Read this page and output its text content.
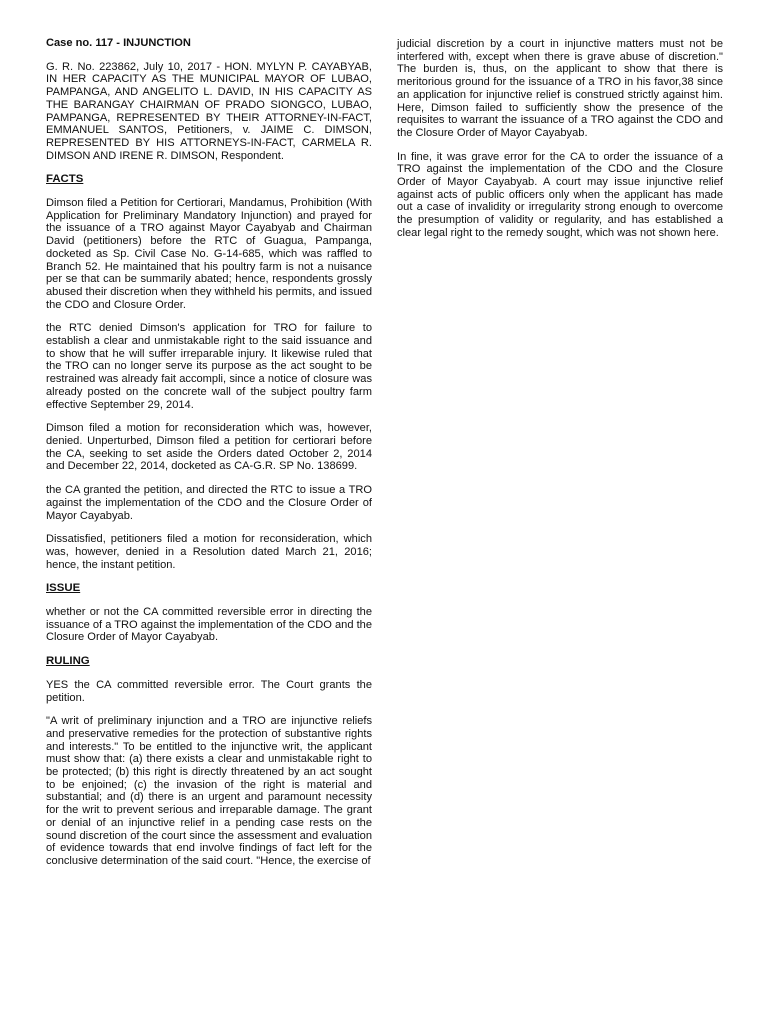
Case no. 117 - INJUNCTION

G. R. No. 223862, July 10, 2017 - HON. MYLYN P. CAYABYAB, IN HER CAPACITY AS THE MUNICIPAL MAYOR OF LUBAO, PAMPANGA, AND ANGELITO L. DAVID, IN HIS CAPACITY AS THE BARANGAY CHAIRMAN OF PRADO SIONGCO, LUBAO, PAMPANGA, REPRESENTED BY THEIR ATTORNEY-IN-FACT, EMMANUEL SANTOS, Petitioners, v. JAIME C. DIMSON, REPRESENTED BY HIS ATTORNEYS-IN-FACT, CARMELA R. DIMSON AND IRENE R. DIMSON, Respondent.

FACTS

Dimson filed a Petition for Certiorari, Mandamus, Prohibition (With Application for Preliminary Mandatory Injunction) and prayed for the issuance of a TRO against Mayor Cayabyab and Chairman David (petitioners) before the RTC of Guagua, Pampanga, docketed as Sp. Civil Case No. G-14-685, which was raffled to Branch 52. He maintained that his poultry farm is not a nuisance per se that can be summarily abated; hence, respondents grossly abused their discretion when they withheld his permits, and issued the CDO and Closure Order.

the RTC denied Dimson's application for TRO for failure to establish a clear and unmistakable right to the said issuance and to show that he will suffer irreparable injury. It likewise ruled that the TRO can no longer serve its purpose as the act sought to be restrained was already fait accompli, since a notice of closure was already posted on the concrete wall of the subject poultry farm effective September 29, 2014.

Dimson filed a motion for reconsideration which was, however, denied. Unperturbed, Dimson filed a petition for certiorari before the CA, seeking to set aside the Orders dated October 2, 2014 and December 22, 2014, docketed as CA-G.R. SP No. 138699.

the CA granted the petition, and directed the RTC to issue a TRO against the implementation of the CDO and the Closure Order of Mayor Cayabyab.

Dissatisfied, petitioners filed a motion for reconsideration, which was, however, denied in a Resolution dated March 21, 2016; hence, the instant petition.

ISSUE

whether or not the CA committed reversible error in directing the issuance of a TRO against the implementation of the CDO and the Closure Order of Mayor Cayabyab.

RULING

YES the CA committed reversible error. The Court grants the petition.

"A writ of preliminary injunction and a TRO are injunctive reliefs and preservative remedies for the protection of substantive rights and interests." To be entitled to the injunctive writ, the applicant must show that: (a) there exists a clear and unmistakable right to be protected; (b) this right is directly threatened by an act sought to be enjoined; (c) the invasion of the right is material and substantial; and (d) there is an urgent and paramount necessity for the writ to prevent serious and irreparable damage. The grant or denial of an injunctive relief in a pending case rests on the sound discretion of the court since the assessment and evaluation of evidence towards that end involve findings of fact left for the conclusive determination of the said court. "Hence, the exercise of

judicial discretion by a court in injunctive matters must not be interfered with, except when there is grave abuse of discretion." The burden is, thus, on the applicant to show that there is meritorious ground for the issuance of a TRO in his favor,38 since an application for injunctive relief is construed strictly against him. Here, Dimson failed to sufficiently show the presence of the requisites to warrant the issuance of a TRO against the CDO and the Closure Order of Mayor Cayabyab.

In fine, it was grave error for the CA to order the issuance of a TRO against the implementation of the CDO and the Closure Order of Mayor Cayabyab. A court may issue injunctive relief against acts of public officers only when the applicant has made out a case of invalidity or irregularity strong enough to overcome the presumption of validity or regularity, and has established a clear legal right to the remedy sought, which was not shown here.
